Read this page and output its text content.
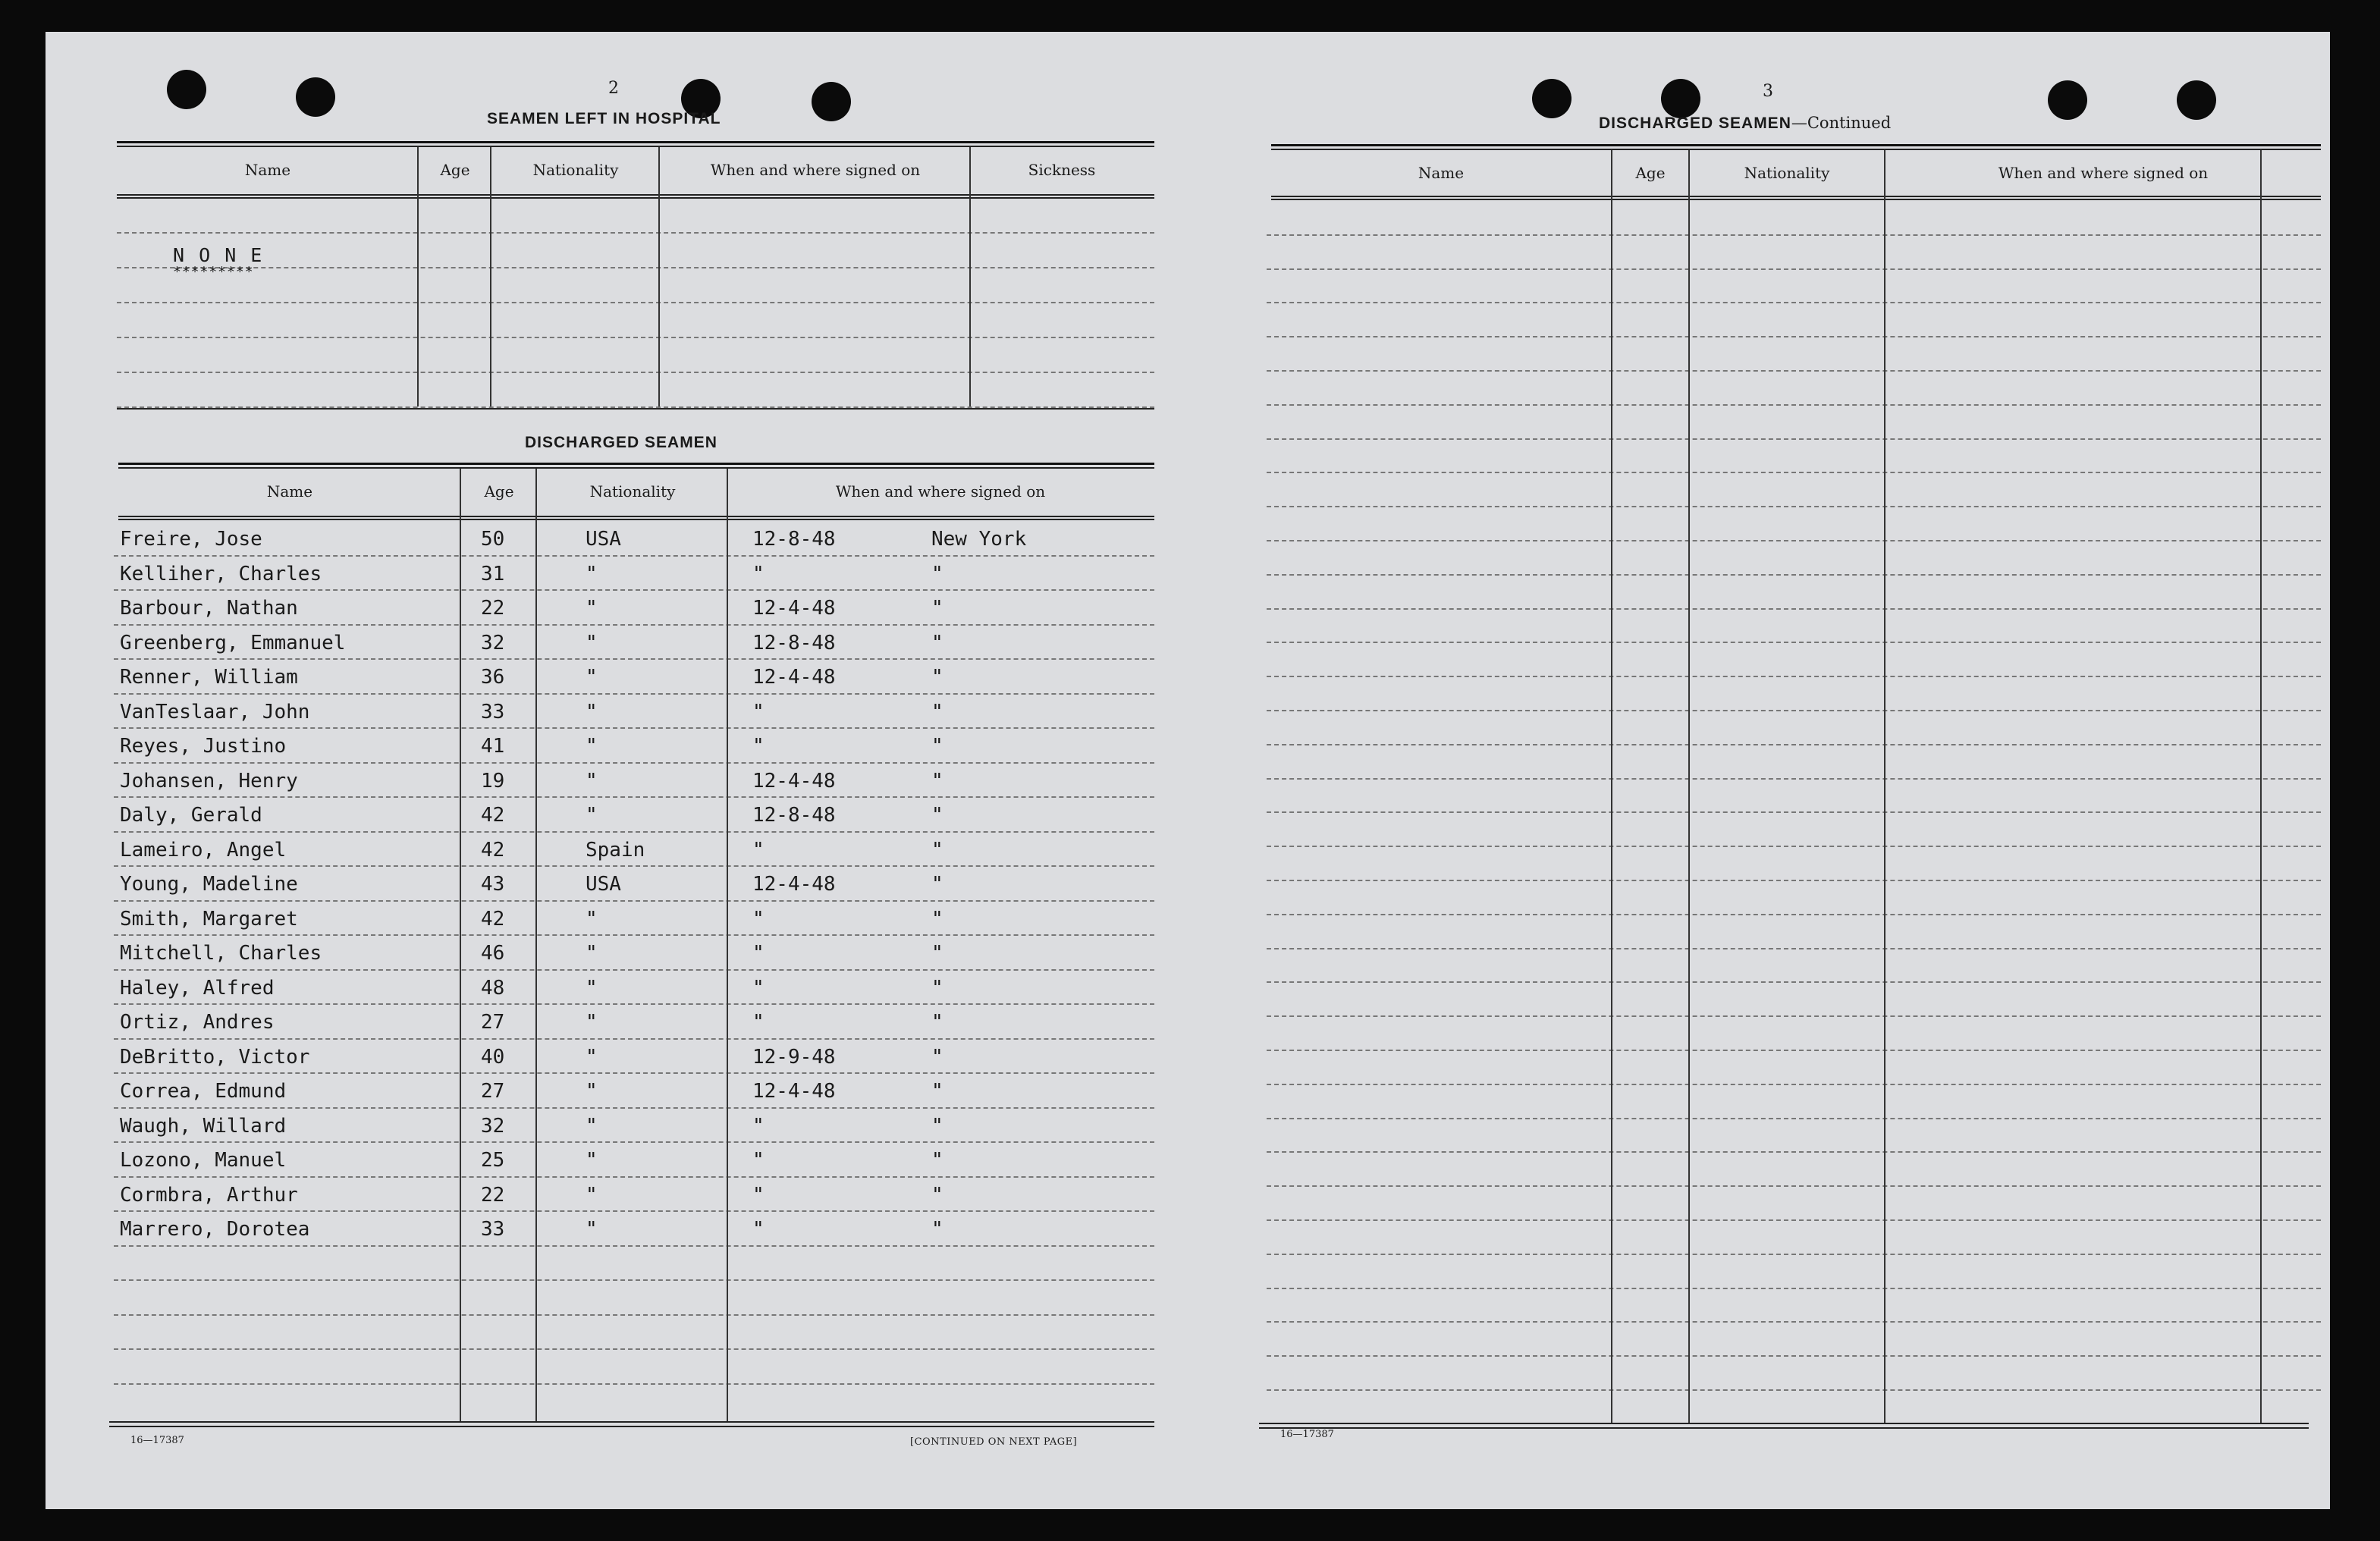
2
SEAMEN LEFT IN HOSPITAL
Name	Age	Nationality	When and where signed on	Sickness
N O N E
*********
DISCHARGED SEAMEN
Name	Age	Nationality	When and where signed on
Freire, Jose	50	USA	12-8-48	New York
Kelliher, Charles	31	"	"	"
Barbour, Nathan	22	"	12-4-48	"
Greenberg, Emmanuel	32	"	12-8-48	"
Renner, William	36	"	12-4-48	"
VanTeslaar, John	33	"	"	"
Reyes, Justino	41	"	"	"
Johansen, Henry	19	"	12-4-48	"
Daly, Gerald	42	"	12-8-48	"
Lameiro, Angel	42	Spain	"	"
Young, Madeline	43	USA	12-4-48	"
Smith, Margaret	42	"	"	"
Mitchell, Charles	46	"	"	"
Haley, Alfred	48	"	"	"
Ortiz, Andres	27	"	"	"
DeBritto, Victor	40	"	12-9-48	"
Correa, Edmund	27	"	12-4-48	"
Waugh, Willard	32	"	"	"
Lozono, Manuel	25	"	"	"
Cormbra, Arthur	22	"	"	"
Marrero, Dorotea	33	"	"	"
16—17387	[CONTINUED ON NEXT PAGE]
3
DISCHARGED SEAMEN—Continued
Name	Age	Nationality	When and where signed on
16—17387
